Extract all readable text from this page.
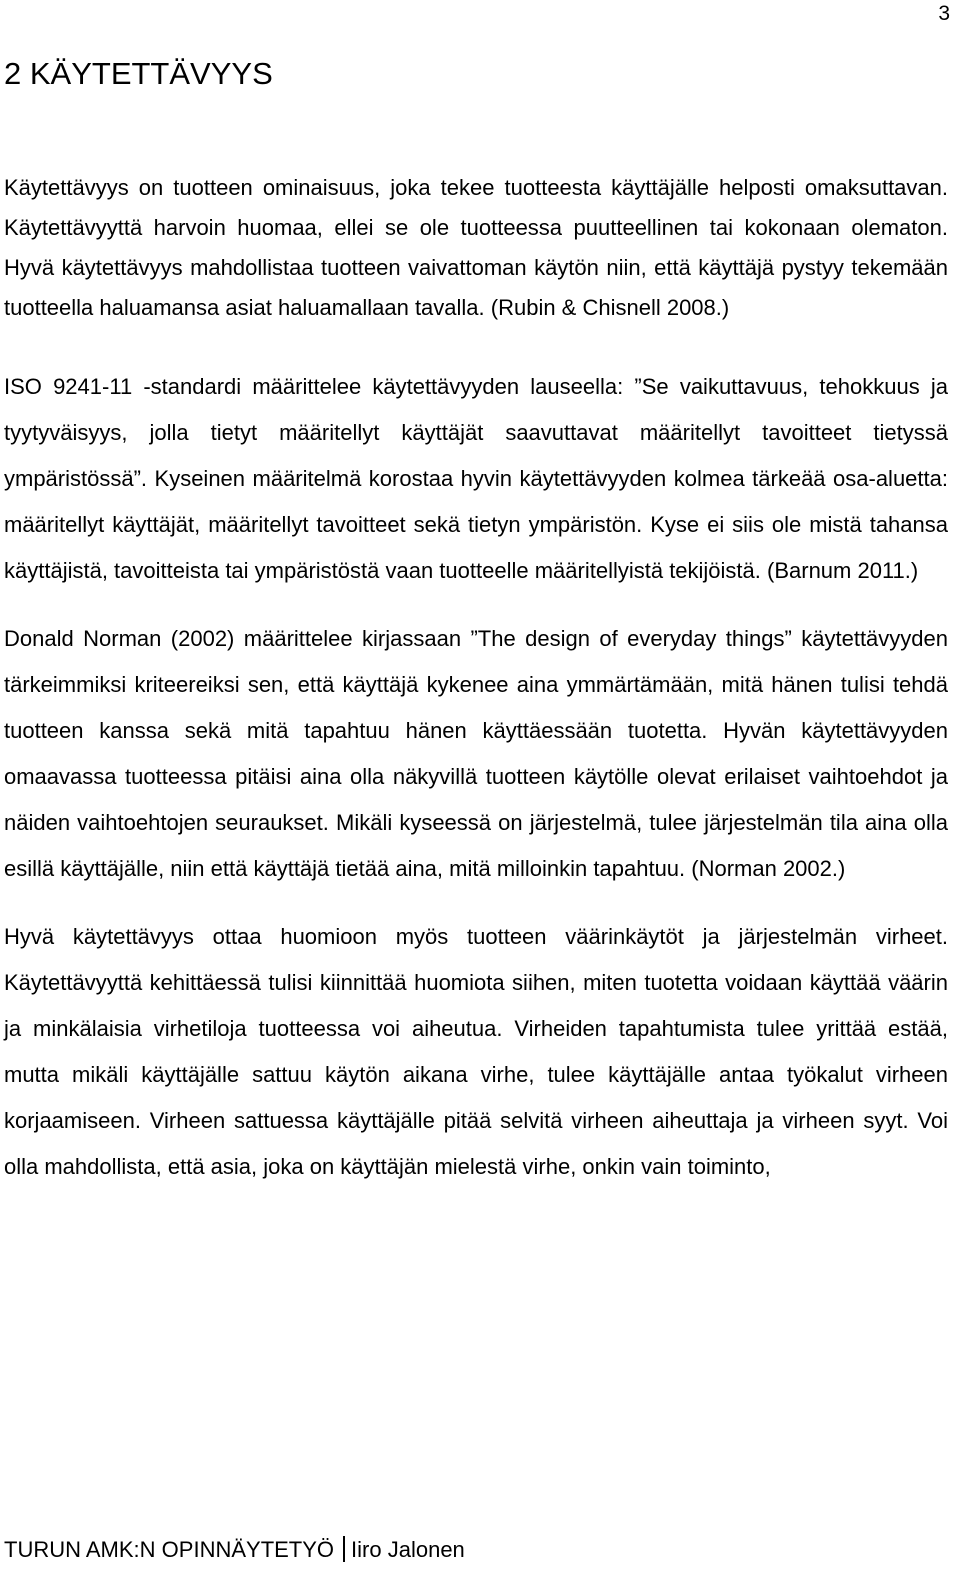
3
2 KÄYTETTÄVYYS

Käytettävyys on tuotteen ominaisuus, joka tekee tuotteesta käyttäjälle helposti omaksuttavan. Käytettävyyttä harvoin huomaa, ellei se ole tuotteessa puutteellinen tai kokonaan olematon. Hyvä käytettävyys mahdollistaa tuotteen vaivattoman käytön niin, että käyttäjä pystyy tekemään tuotteella haluamansa asiat haluamallaan tavalla. (Rubin & Chisnell 2008.)

ISO 9241-11 -standardi määrittelee käytettävyyden lauseella: ”Se vaikuttavuus, tehokkuus ja tyytyväisyys, jolla tietyt määritellyt käyttäjät saavuttavat määritellyt tavoitteet tietyssä ympäristössä”. Kyseinen määritelmä korostaa hyvin käytettävyyden kolmea tärkeää osa-aluetta: määritellyt käyttäjät, määritellyt tavoitteet sekä tietyn ympäristön. Kyse ei siis ole mistä tahansa käyttäjistä, tavoitteista tai ympäristöstä vaan tuotteelle määritellyistä tekijöistä. (Barnum 2011.)

Donald Norman (2002) määrittelee kirjassaan ”The design of everyday things” käytettävyyden tärkeimmiksi kriteereiksi sen, että käyttäjä kykenee aina ymmärtämään, mitä hänen tulisi tehdä tuotteen kanssa sekä mitä tapahtuu hänen käyttäessään tuotetta. Hyvän käytettävyyden omaavassa tuotteessa pitäisi aina olla näkyvillä tuotteen käytölle olevat erilaiset vaihtoehdot ja näiden vaihtoehtojen seuraukset. Mikäli kyseessä on järjestelmä, tulee järjestelmän tila aina olla esillä käyttäjälle, niin että käyttäjä tietää aina, mitä milloinkin tapahtuu. (Norman 2002.)

Hyvä käytettävyys ottaa huomioon myös tuotteen väärinkäytöt ja järjestelmän virheet. Käytettävyyttä kehittäessä tulisi kiinnittää huomiota siihen, miten tuotetta voidaan käyttää väärin ja minkälaisia virhetiloja tuotteessa voi aiheutua. Virheiden tapahtumista tulee yrittää estää, mutta mikäli käyttäjälle sattuu käytön aikana virhe, tulee käyttäjälle antaa työkalut virheen korjaamiseen. Virheen sattuessa käyttäjälle pitää selvitä virheen aiheuttaja ja virheen syyt. Voi olla mahdollista, että asia, joka on käyttäjän mielestä virhe, onkin vain toiminto,

TURUN AMK:N OPINNÄYTETYÖ Iiro Jalonen
